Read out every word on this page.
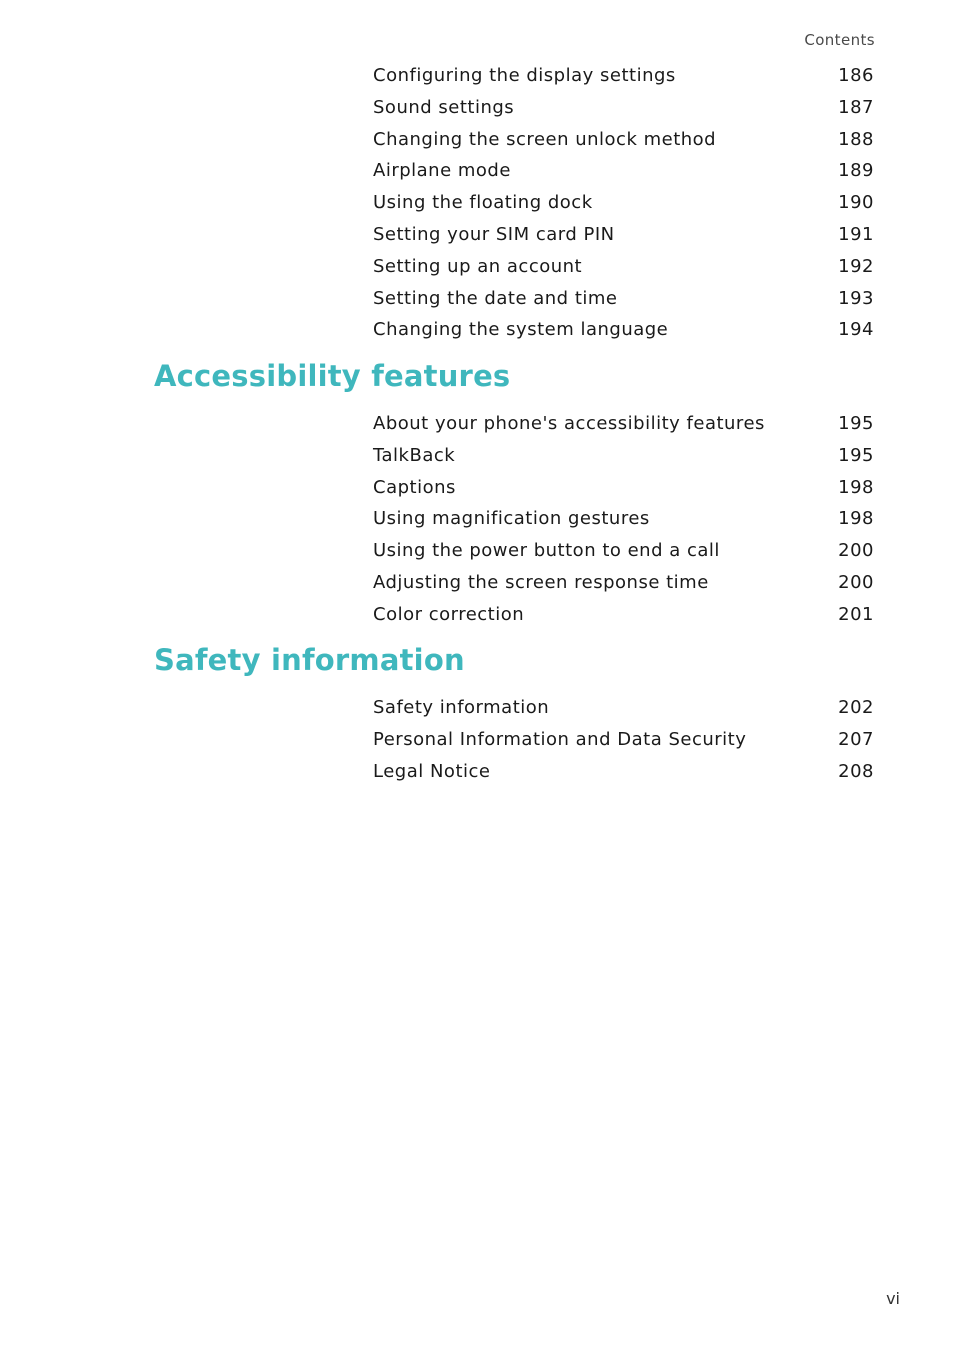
Contents
Configuring the display settings	186
Sound settings	187
Changing the screen unlock method	188
Airplane mode	189
Using the floating dock	190
Setting your SIM card PIN	191
Setting up an account	192
Setting the date and time	193
Changing the system language	194
Accessibility features
About your phone's accessibility features	195
TalkBack	195
Captions	198
Using magnification gestures	198
Using the power button to end a call	200
Adjusting the screen response time	200
Color correction	201
Safety information
Safety information	202
Personal Information and Data Security	207
Legal Notice	208
vi
